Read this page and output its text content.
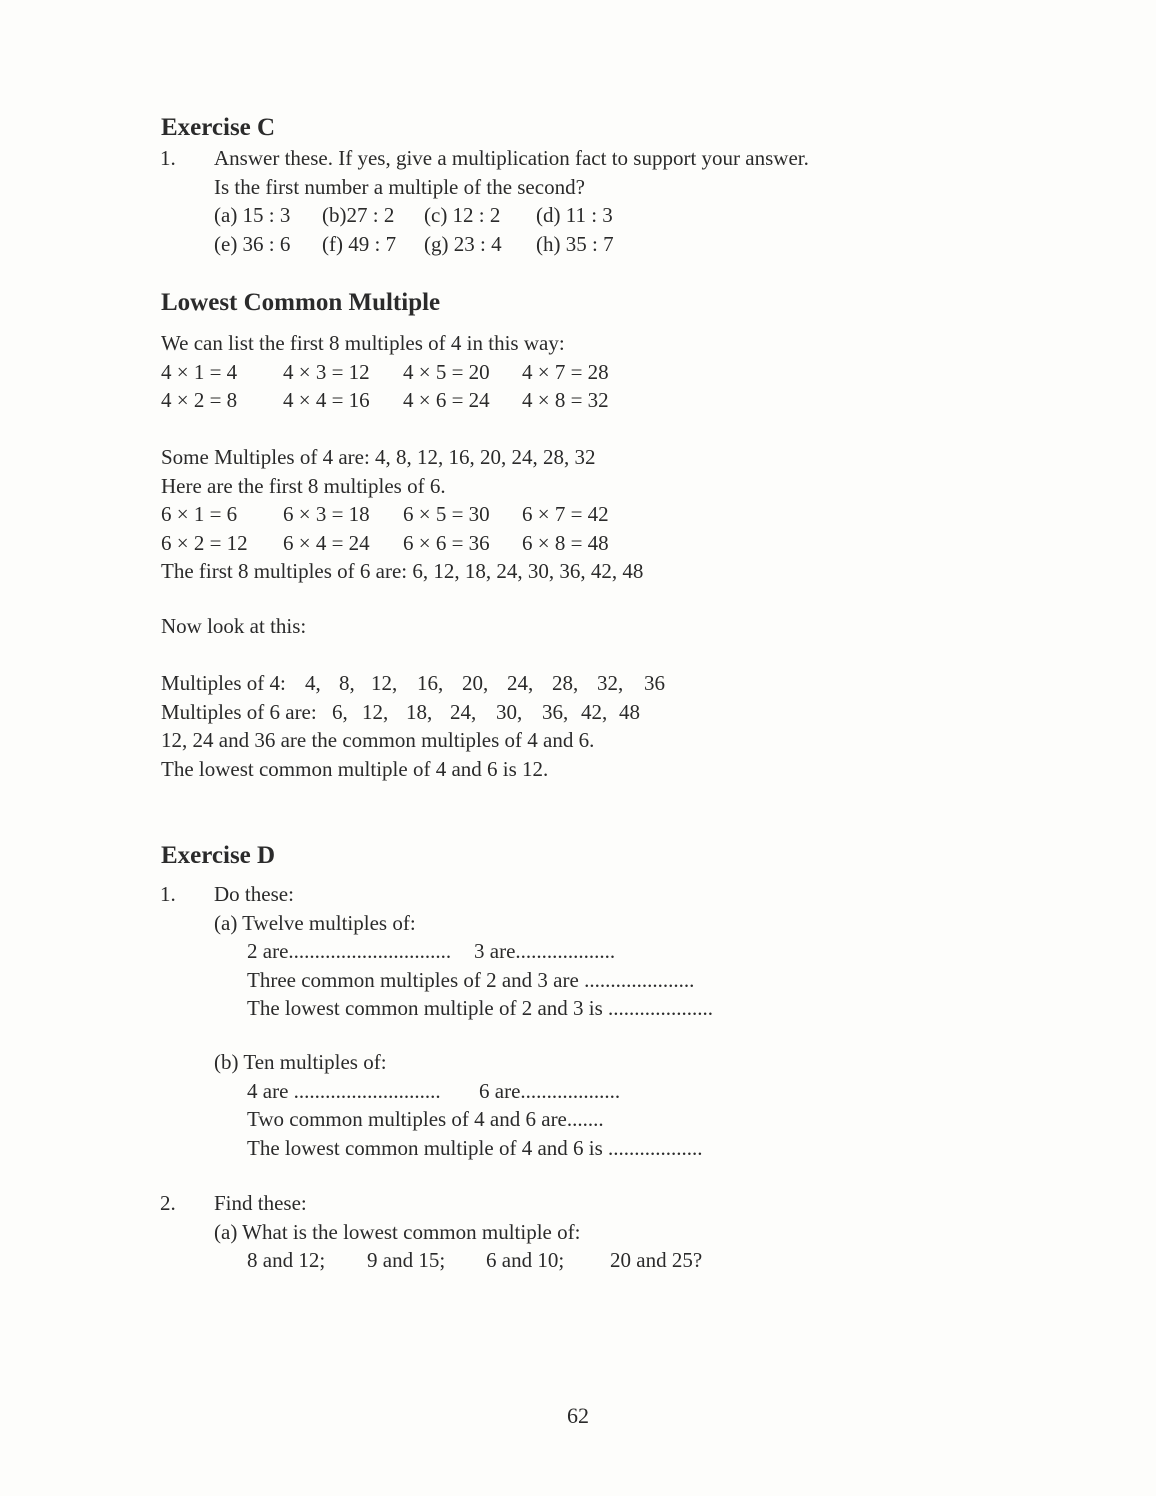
Exercise C
1. Answer these. If yes, give a multiplication fact to support your answer.
Is the first number a multiple of the second?
(a) 15 : 3	(b)27 : 2	(c) 12 : 2	(d) 11 : 3
(e) 36 : 6	(f) 49 : 7	(g) 23 : 4	(h) 35 : 7
Lowest Common Multiple
We can list the first 8 multiples of 4 in this way:
4 × 1 = 4	4 × 3 = 12	4 × 5 = 20	4 × 7 = 28
4 × 2 = 8	4 × 4 = 16	4 × 6 = 24	4 × 8 = 32
Some Multiples of 4 are: 4, 8, 12, 16, 20, 24, 28, 32
Here are the first 8 multiples of 6.
6 × 1 = 6	6 × 3 = 18	6 × 5 = 30	6 × 7 = 42
6 × 2 = 12	6 × 4 = 24	6 × 6 = 36	6 × 8 = 48
The first 8 multiples of 6 are: 6, 12, 18, 24, 30, 36, 42, 48
Now look at this:
Multiples of 4: 4, 8, 12, 16, 20, 24, 28, 32, 36
Multiples of 6 are: 6, 12, 18, 24, 30, 36, 42, 48
12, 24 and 36 are the common multiples of 4 and 6.
The lowest common multiple of 4 and 6 is 12.
Exercise D
1. Do these:
(a) Twelve multiples of:
2 are...............................	3 are...................
Three common multiples of 2 and 3 are .....................
The lowest common multiple of 2 and 3 is ....................
(b) Ten multiples of:
4 are ............................	6 are...................
Two common multiples of 4 and 6 are.......
The lowest common multiple of 4 and 6 is ..................
2. Find these:
(a) What is the lowest common multiple of:
8 and 12;	9 and 15;	6 and 10;	20 and 25?
62
